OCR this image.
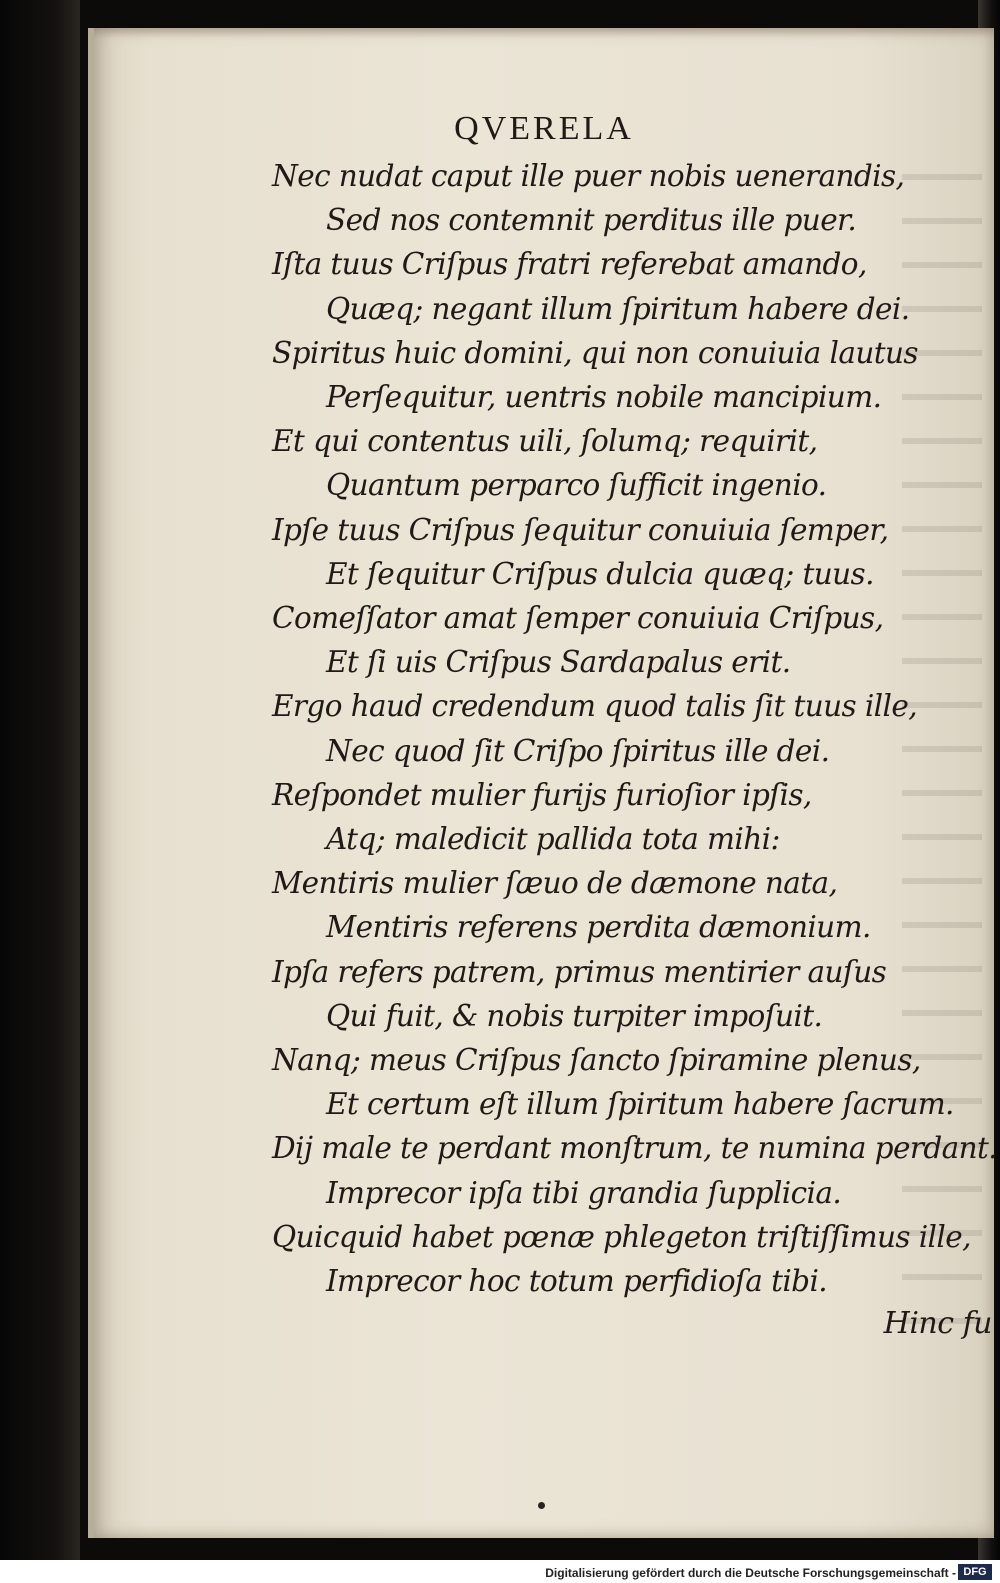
QVERELA
Nec nudat caput ille puer nobis uenerandis,
Sed nos contemnit perditus ille puer.
Iſta tuus Criſpus fratri referebat amando,
Quæq; negant illum ſpiritum habere dei.
Spiritus huic domini, qui non conuiuia lautus
Perſequitur, uentris nobile mancipium.
Et qui contentus uili, ſolumq; requirit,
Quantum perparco ſufficit ingenio.
Ipſe tuus Criſpus ſequitur conuiuia ſemper,
Et ſequitur Criſpus dulcia quæq; tuus.
Comeſſator amat ſemper conuiuia Criſpus,
Et ſi uis Criſpus Sardapalus erit.
Ergo haud credendum quod talis ſit tuus ille,
Nec quod ſit Criſpo ſpiritus ille dei.
Reſpondet mulier furijs furioſior ipſis,
Atq; maledicit pallida tota mihi:
Mentiris mulier ſæuo de dæmone nata,
Mentiris referens perdita dæmonium.
Ipſa refers patrem, primus mentirier auſus
Qui fuit, & nobis turpiter impoſuit.
Nanq; meus Criſpus ſancto ſpiramine plenus,
Et certum eſt illum ſpiritum habere ſacrum.
Dij male te perdant monſtrum, te numina perdant.
Imprecor ipſa tibi grandia ſupplicia.
Quicquid habet pœnæ phlegeton triſtiſſimus ille,
Imprecor hoc totum perfidioſa tibi.
Hinc fu
Digitalisierung gefördert durch die Deutsche Forschungsgemeinschaft - DFG
